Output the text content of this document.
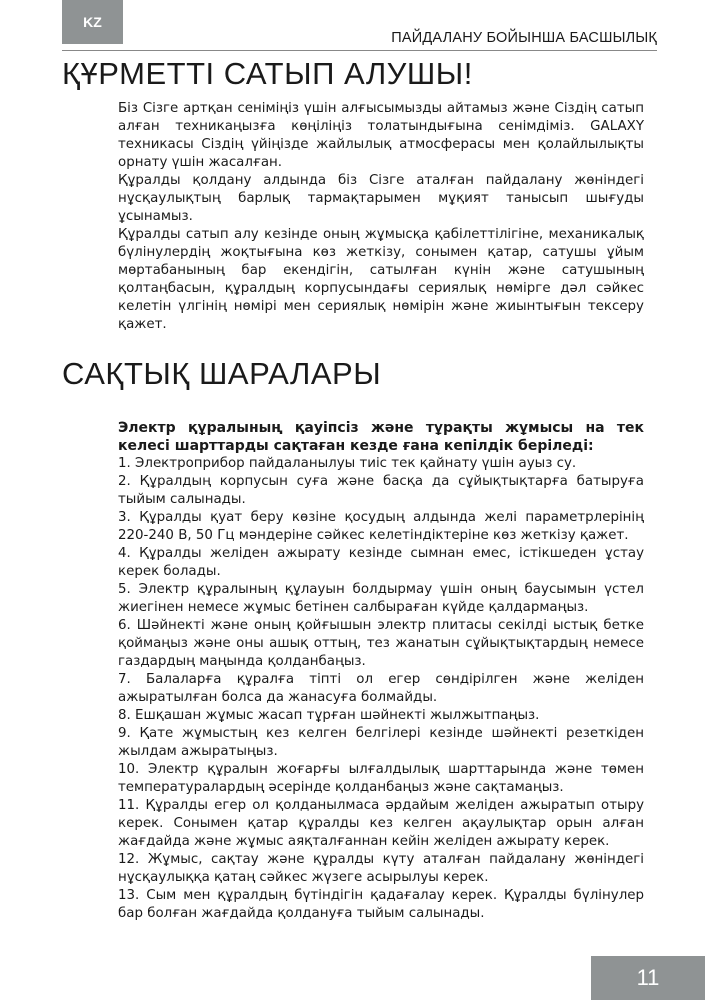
KZ
ПАЙДАЛАНУ БОЙЫНША БАСШЫЛЫҚ
ҚҰРМЕТТІ САТЫП АЛУШЫ!

Біз Сізге артқан сеніміңіз үшін алғысымызды айтамыз және Сіздің сатып алған техникаңызға көңіліңіз толатындығына сенімдіміз. GALAXY техникасы Сіздің үйіңізде жайлылық атмосферасы мен қолайлылықты орнату үшін жасалған.

Құралды қолдану алдында біз Сізге аталған пайдалану жөніндегі нұсқаулықтың барлық тармақтарымен мұқият танысып шығуды ұсынамыз.

Құралды сатып алу кезінде оның жұмысқа қабілеттілігіне, механикалық бүлінулердің жоқтығына көз жеткізу, сонымен қатар, сатушы ұйым мөртабанының бар екендігін, сатылған күнін және сатушының қолтаңбасын, құралдың корпусындағы сериялық нөмірге дәл сәйкес келетін үлгінің нөмірі мен сериялық нөмірін және жиынтығын тексеру қажет.

САҚТЫҚ ШАРАЛАРЫ

Электр құралының қауіпсіз және тұрақты жұмысы на тек келесі шарттарды сақтаған кезде ғана кепілдік беріледі:

1. Электроприбор пайдаланылуы тиіс тек қайнату үшін ауыз су.

2. Құралдың корпусын суға және басқа да сұйықтықтарға батыруға тыйым салынады.

3. Құралды қуат беру көзіне қосудың алдында желі параметрлерінің 220-240 В, 50 Гц мәндеріне сәйкес келетіндіктеріне көз жеткізу қажет.

4. Құралды желіден ажырату кезінде сымнан емес, істікшеден ұстау керек болады.

5. Электр құралының құлауын болдырмау үшін оның баусымын үстел жиегінен немесе жұмыс бетінен салбыраған күйде қалдармаңыз.

6. Шәйнекті және оның қойғышын электр плитасы секілді ыстық бетке қоймаңыз және оны ашық оттың, тез жанатын сұйықтықтардың немесе газдардың маңында қолданбаңыз.

7. Балаларға құралға тіпті ол егер сөндірілген және желіден ажыратылған болса да жанасуға болмайды.

8. Ешқашан жұмыс жасап тұрған шәйнекті жылжытпаңыз.

9. Қате жұмыстың кез келген белгілері кезінде шәйнекті резеткіден жылдам ажыратыңыз.

10. Электр құралын жоғарғы ылғалдылық шарттарында және төмен температуралардың әсерінде қолданбаңыз және сақтамаңыз.

11. Құралды егер ол қолданылмаса әрдайым желіден ажыратып отыру керек. Сонымен қатар құралды кез келген ақаулықтар орын алған жағдайда және жұмыс аяқталғаннан кейін желіден ажырату керек.

12. Жұмыс, сақтау және құралды күту аталған пайдалану жөніндегі нұсқаулыққа қатаң сәйкес жүзеге асырылуы керек.

13. Сым мен құралдың бүтіндігін қадағалау керек. Құралды бүлінулер бар болған жағдайда қолдануға тыйым салынады.

11
